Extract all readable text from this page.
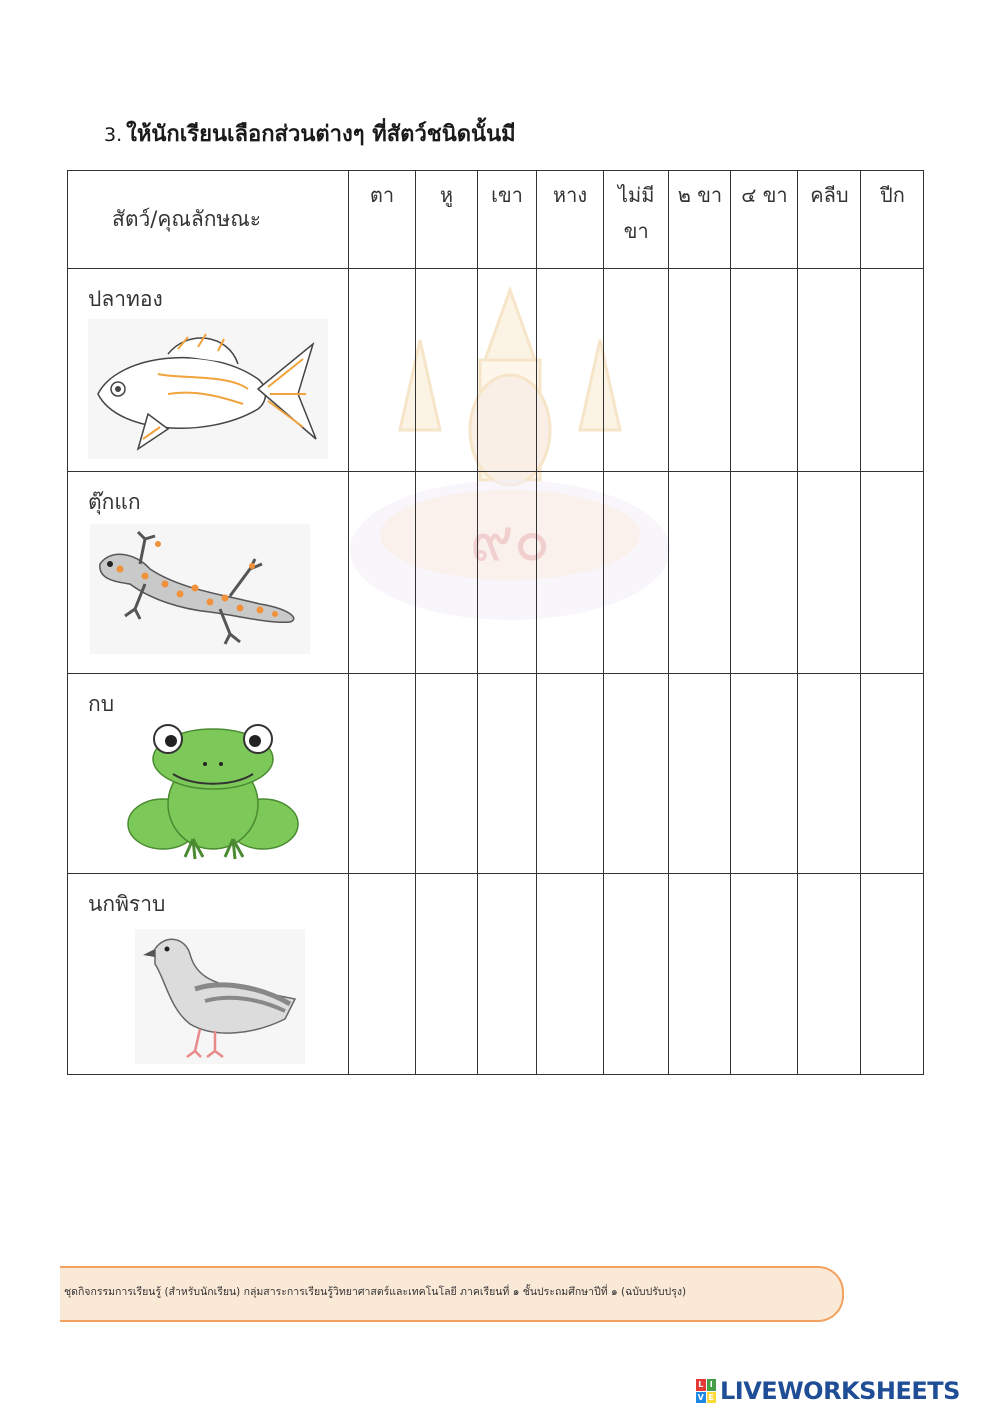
3. ให้นักเรียนเลือกส่วนต่างๆ ที่สัตว์ชนิดนั้นมี
๙๐
สัตว์/คุณลักษณะ	ตา	หู	เขา	หาง	ไม่มี ขา	๒ ขา	๔ ขา	คลีบ	ปีก

ปลาทอง									

ตุ๊กแก									

กบ									

นกพิราบ									

ชุดกิจกรรมการเรียนรู้ (สำหรับนักเรียน) กลุ่มสาระการเรียนรู้วิทยาศาสตร์และเทคโนโลยี ภาคเรียนที่ ๑ ชั้นประถมศึกษาปีที่ ๑ (ฉบับปรับปรุง)
L I
V E LIVEWORKSHEETS
